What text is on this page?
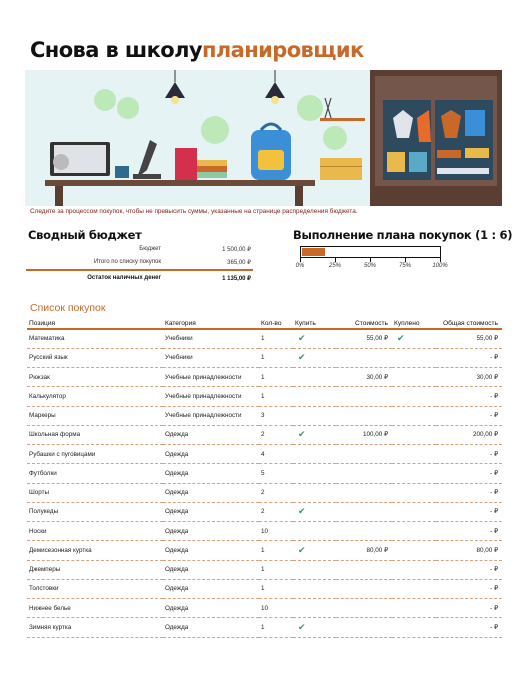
Снова в школупланировщик
Следите за процессом покупок, чтобы не превысить суммы, указанные на странице распределения бюджета.
Сводный бюджет
Бюджет	1 500,00 ₽
Итого по списку покупок	365,00 ₽
Остаток наличных денег	1 135,00 ₽
Выполнение плана покупок (1 : 6)
0%	25%	50%	75%	100%
Список покупок
Позиция	Категория	Кол-во	Купить	Стоимость	Куплено	Общая стоимость
Математика	Учебники	1	✔	55,00 ₽	✔	55,00 ₽
Русский язык	Учебники	1	✔			- ₽
Рюкзак	Учебные принадлежности	1		30,00 ₽		30,00 ₽
Калькулятор	Учебные принадлежности	1				- ₽
Маркеры	Учебные принадлежности	3				- ₽
Школьная форма	Одежда	2	✔	100,00 ₽		200,00 ₽
Рубашки с пуговицами	Одежда	4				- ₽
Футболки	Одежда	5				- ₽
Шорты	Одежда	2				- ₽
Полукеды	Одежда	2	✔			- ₽
Носки	Одежда	10				- ₽
Демисезонная куртка	Одежда	1	✔	80,00 ₽		80,00 ₽
Джемперы	Одежда	1				- ₽
Толстовки	Одежда	1				- ₽
Нижнее белье	Одежда	10				- ₽
Зимняя куртка	Одежда	1	✔			- ₽
